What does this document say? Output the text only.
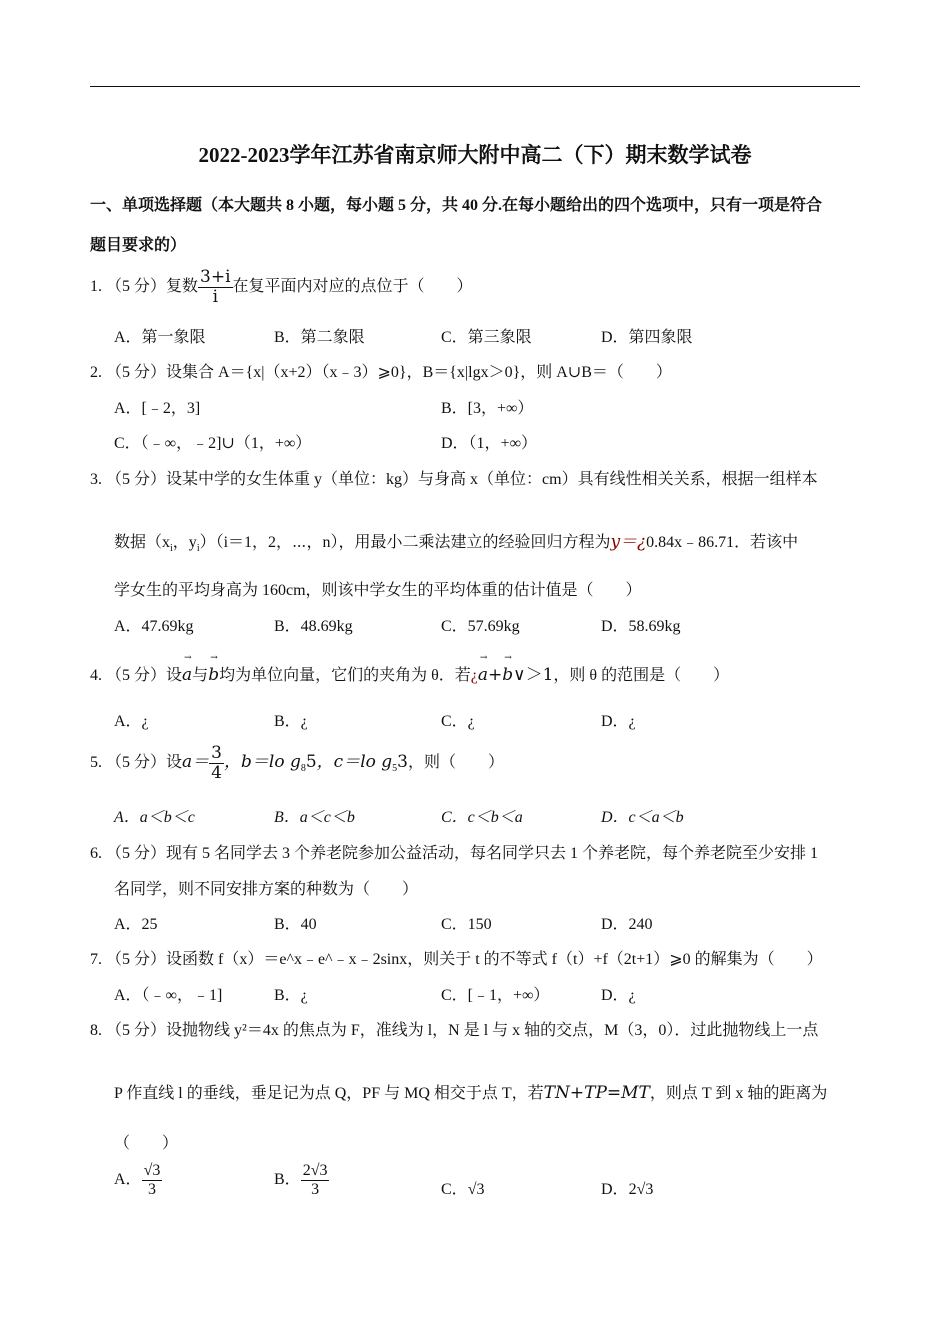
2022-2023学年江苏省南京师大附中高二（下）期末数学试卷
一、单项选择题（本大题共 8 小题，每小题 5 分，共 40 分.在每小题给出的四个选项中，只有一项是符合
题目要求的）
1. （5 分）复数 $\frac{3+i}{i}$ 在复平面内对应的点位于（　　）
A．第一象限	B．第二象限	C．第三象限	D．第四象限
2. （5 分）设集合 A＝{x|（x+2）（x﹣3）⩾0}，B＝{x|lgx＞0}，则 A∪B＝（　　）
A．[﹣2，3]	B．[3，+∞）
C．（﹣∞，﹣2]∪（1，+∞）	D．（1，+∞）
3. （5 分）设某中学的女生体重 y（单位：kg）与身高 x（单位：cm）具有线性相关关系，根据一组样本
数据（$x_i$，$y_i)(i=1$，2，⋯，n），用最小二乘法建立的经验回归方程为y＝¿0.84x﹣86.71．若该中
学女生的平均身高为 160cm，则该中学女生的平均体重的估计值是（　　）
A．47.69kg	B．48.69kg	C．57.69kg	D．58.69kg
4. （5 分）设→ a与→ b均为单位向量，它们的夹角为 θ．若¿→ a+→ b∨＞1，则 θ 的范围是（　　）
A．¿	B．¿	C．¿	D．¿
5. （5 分）设$a= \frac{3}{4}$ ，b＝lo $g_85$，c＝lo $g_53$，则（　　）
A．a＜b＜c	B．a＜c＜b	C．c＜b＜a	D．c＜a＜b
6. （5 分）现有 5 名同学去 3 个养老院参加公益活动，每名同学只去 1 个养老院，每个养老院至少安排 1
名同学，则不同安排方案的种数为（　　）
A．25	B．40	C．150	D．240
7. （5 分）设函数 f（x）＝e^x﹣e^﹣x﹣2sinx，则关于 t 的不等式 f（t）+f（2t+1）⩾0 的解集为（　　）
A．（﹣∞，﹣1]	B．¿	C．[﹣1，+∞）	D．¿
8. （5 分）设抛物线 y²＝4x 的焦点为 F，准线为 l，N 是 l 与 x 轴的交点，M（3，0）．过此抛物线上一点
P 作直线 l 的垂线，垂足记为点 Q，PF 与 MQ 相交于点 T，若TN+TP=MT，则点 T 到 x 轴的距离为
（　　）
A． $\frac{√3}{3}$	B． $\frac{2√3}{3}$	C．√3	D．2√3
